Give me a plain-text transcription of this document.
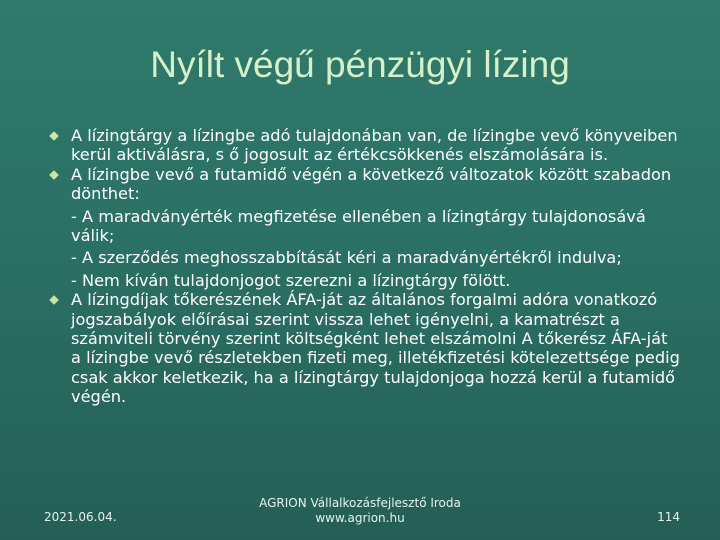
Nyílt végű pénzügyi lízing
A lízingtárgy a lízingbe adó tulajdonában van, de lízingbe vevő könyveiben kerül aktiválásra, s ő jogosult az értékcsökkenés elszámolására is.
A lízingbe vevő a futamidő végén a következő változatok között szabadon dönthet:
- A maradványérték megfizetése ellenében a lízingtárgy tulajdonosává válik;
- A szerződés meghosszabbítását kéri a maradványértékről indulva;
- Nem kíván tulajdonjogot szerezni a lízingtárgy fölött.
A lízingdíjak tőkerészének ÁFA-ját az általános forgalmi adóra vonatkozó jogszabályok előírásai szerint vissza lehet igényelni, a kamatrészt a számviteli törvény szerint költségként lehet elszámolni A tőkerész ÁFA-ját a lízingbe vevő részletekben fizeti meg, illetékfizetési kötelezettsége pedig csak akkor keletkezik, ha a lízingtárgy tulajdonjoga hozzá kerül a futamidő végén.
2021.06.04.
AGRION Vállalkozásfejlesztő Iroda
www.agrion.hu	114
